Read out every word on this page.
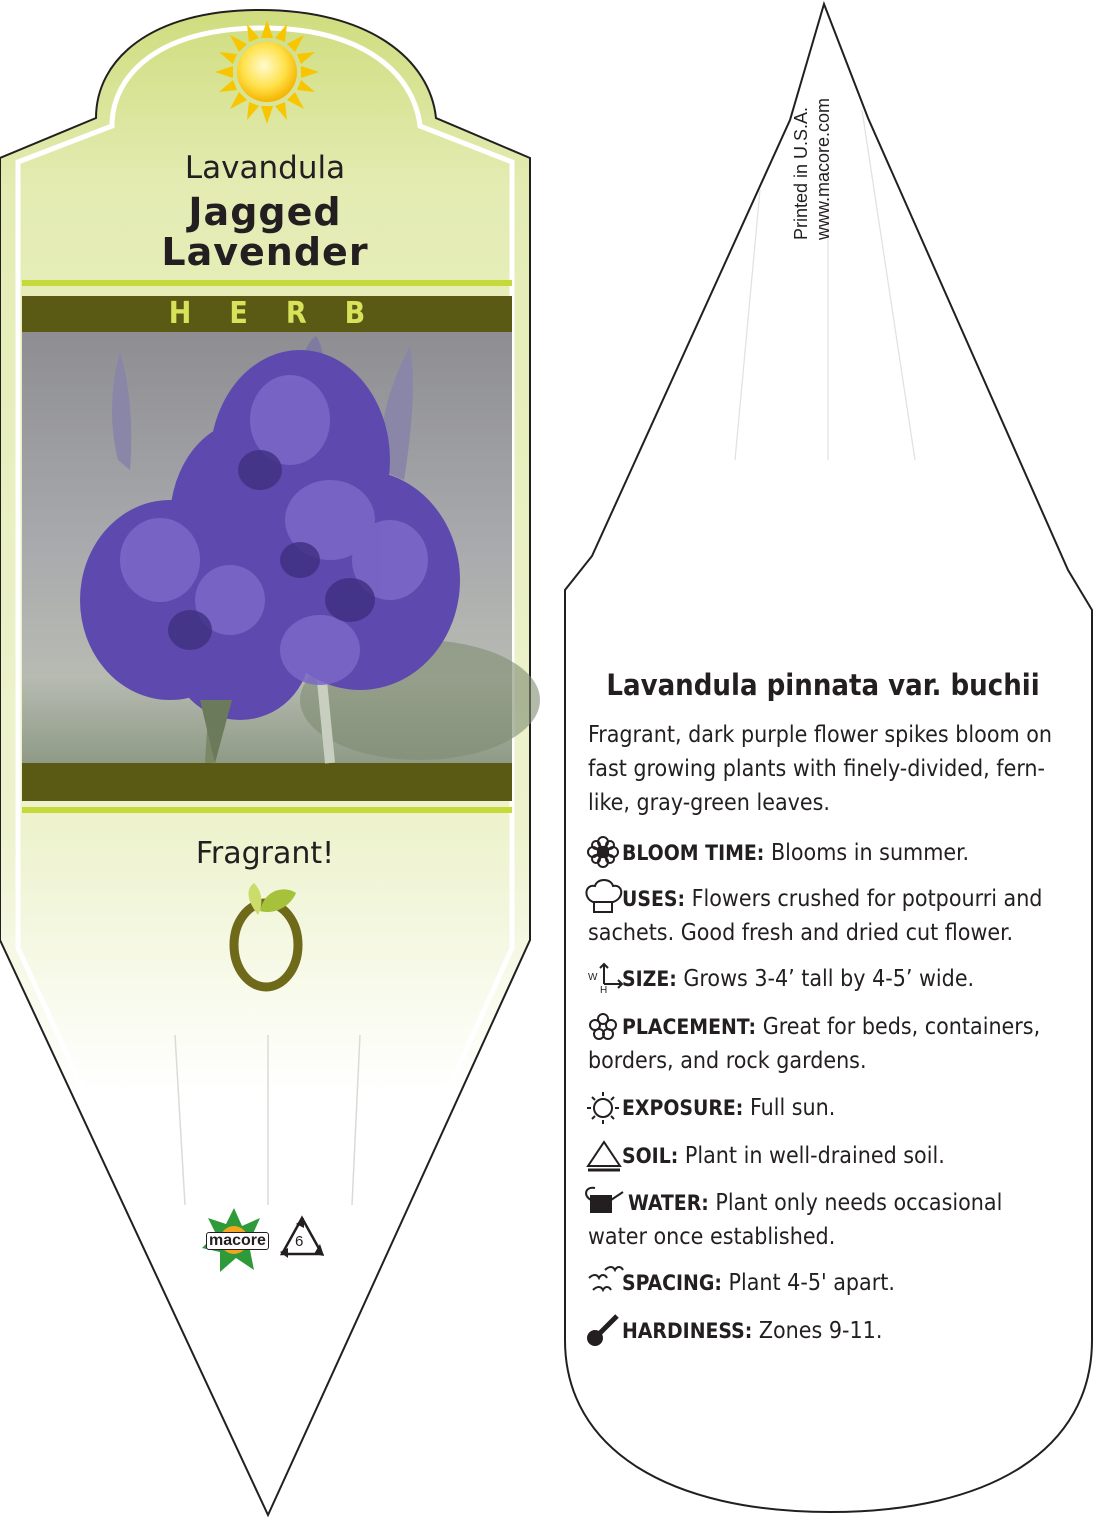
Lavandula
Jagged
Lavender
HERB
Fragrant!
macore 6
Printed in U.S.A. www.macore.com
Lavandula pinnata var. buchii
Fragrant, dark purple flower spikes bloom on fast growing plants with finely-divided, fern-like, gray-green leaves.
BLOOM TIME: Blooms in summer.
USES: Flowers crushed for potpourri and sachets. Good fresh and dried cut flower.
SIZE: Grows 3-4’ tall by 4-5’ wide.
W
H
PLACEMENT: Great for beds, containers, borders, and rock gardens.
EXPOSURE: Full sun.
SOIL: Plant in well-drained soil.
WATER: Plant only needs occasional water once established.
SPACING: Plant 4-5' apart.
HARDINESS: Zones 9-11.
